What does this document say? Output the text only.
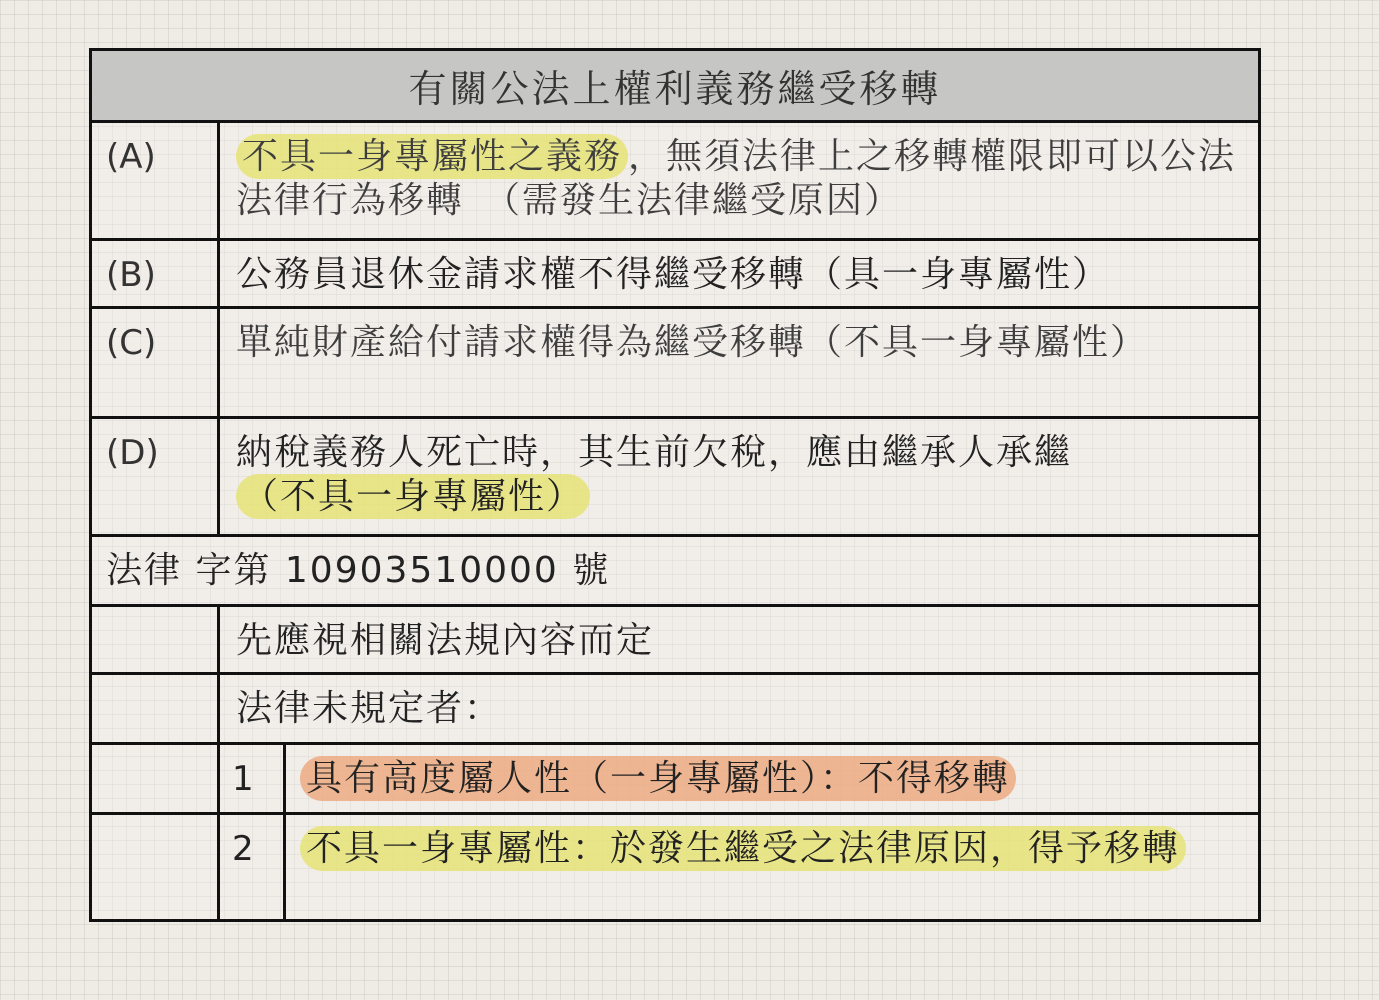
有關公法上權利義務繼受移轉
(A)	不具一身專屬性之義務 ，無須法律上之移轉權限即可以公法法律行為移轉　（需發生法律繼受原因）
(B)	公務員退休金請求權不得繼受移轉（具一身專屬性）
(C)	單純財產給付請求權得為繼受移轉（不具一身專屬性）
(D)	納稅義務人死亡時，其生前欠稅，應由繼承人承繼
（不具一身專屬性）
法律 字第 10903510000 號
先應視相關法規內容而定
法律未規定者：
1	具有高度屬人性（一身專屬性）：不得移轉
2	不具一身專屬性：於發生繼受之法律原因，得予移轉
